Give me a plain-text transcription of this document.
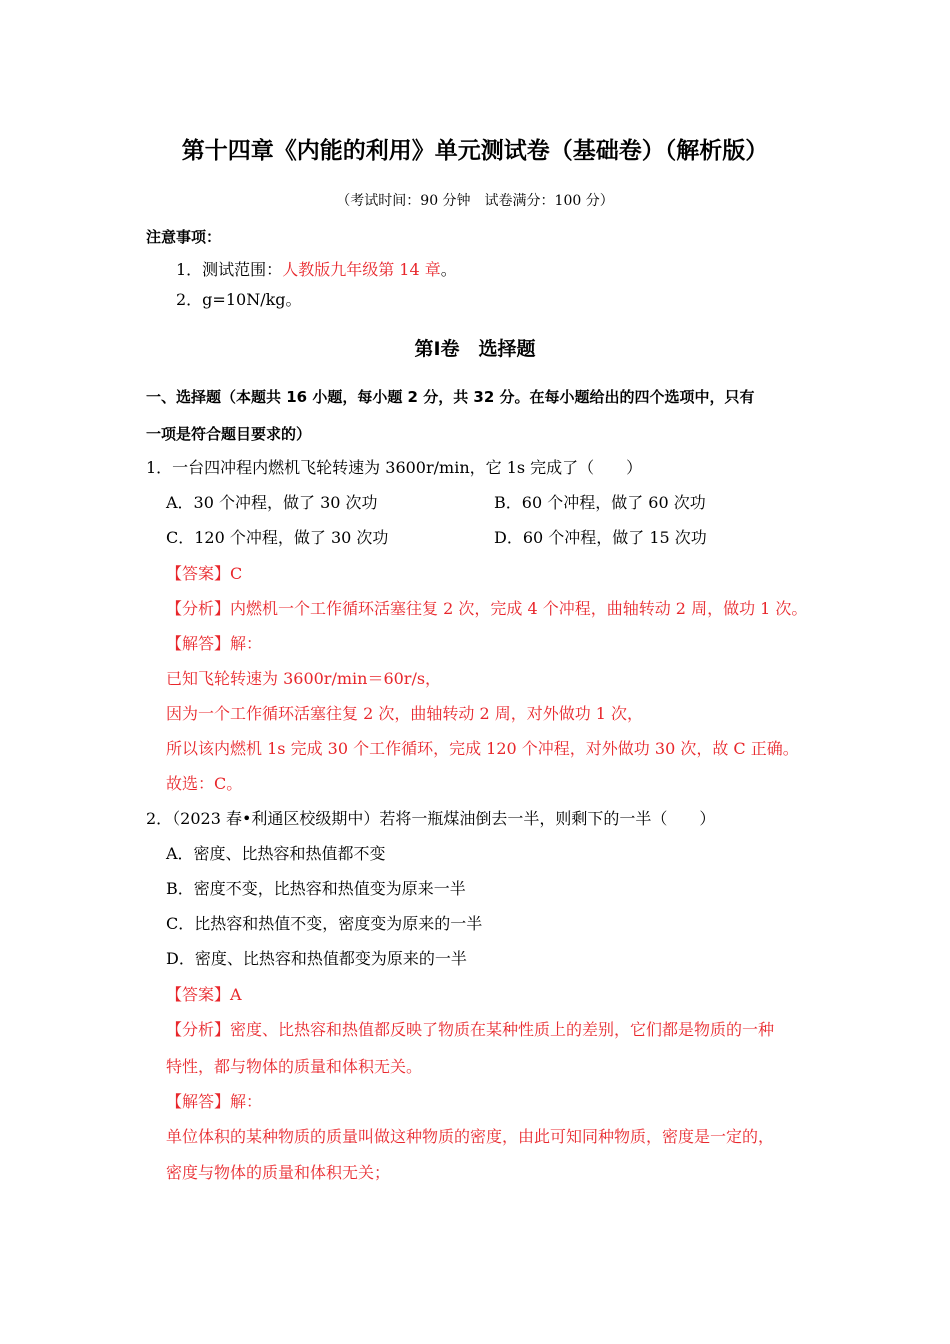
第十四章《内能的利用》单元测试卷（基础卷）（解析版）
（考试时间：90 分钟　试卷满分：100 分）
注意事项：
1．测试范围：人教版九年级第 14 章。
2．g=10N/kg。
第Ⅰ卷　选择题
一、选择题（本题共 16 小题，每小题 2 分，共 32 分。在每小题给出的四个选项中，只有
一项是符合题目要求的）
1．一台四冲程内燃机飞轮转速为 3600r/min，它 1s 完成了（　　）
A．30 个冲程，做了 30 次功	B．60 个冲程，做了 60 次功
C．120 个冲程，做了 30 次功	D．60 个冲程，做了 15 次功
【答案】C
【分析】内燃机一个工作循环活塞往复 2 次，完成 4 个冲程，曲轴转动 2 周，做功 1 次。
【解答】解：
已知飞轮转速为 3600r/min＝60r/s，
因为一个工作循环活塞往复 2 次，曲轴转动 2 周，对外做功 1 次，
所以该内燃机 1s 完成 30 个工作循环，完成 120 个冲程，对外做功 30 次，故 C 正确。
故选：C。
2．（2023 春•利通区校级期中）若将一瓶煤油倒去一半，则剩下的一半（　　）
A．密度、比热容和热值都不变
B．密度不变，比热容和热值变为原来一半
C．比热容和热值不变，密度变为原来的一半
D．密度、比热容和热值都变为原来的一半
【答案】A
【分析】密度、比热容和热值都反映了物质在某种性质上的差别，它们都是物质的一种
特性，都与物体的质量和体积无关。
【解答】解：
单位体积的某种物质的质量叫做这种物质的密度，由此可知同种物质，密度是一定的，
密度与物体的质量和体积无关；
